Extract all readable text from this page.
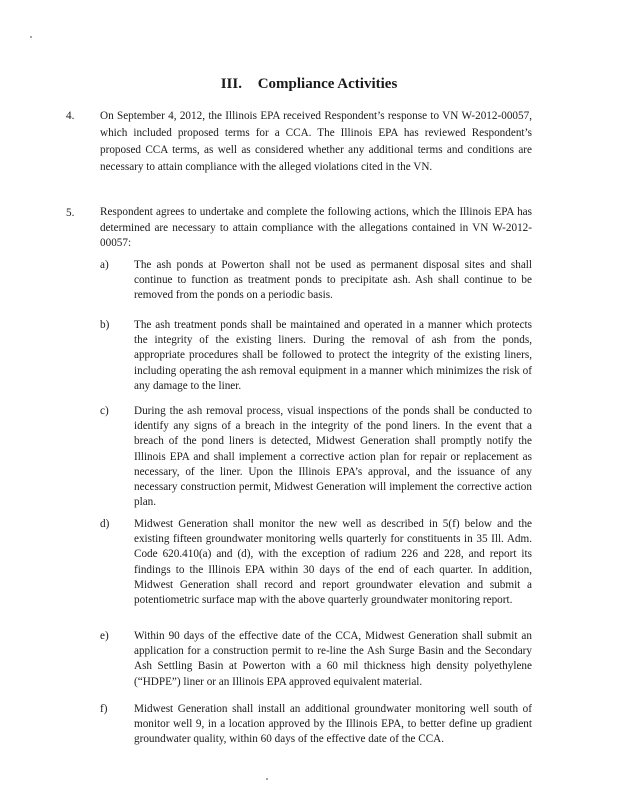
III. Compliance Activities
4. On September 4, 2012, the Illinois EPA received Respondent’s response to VN W-2012-00057, which included proposed terms for a CCA. The Illinois EPA has reviewed Respondent’s proposed CCA terms, as well as considered whether any additional terms and conditions are necessary to attain compliance with the alleged violations cited in the VN.
5. Respondent agrees to undertake and complete the following actions, which the Illinois EPA has determined are necessary to attain compliance with the allegations contained in VN W-2012-00057:
a) The ash ponds at Powerton shall not be used as permanent disposal sites and shall continue to function as treatment ponds to precipitate ash. Ash shall continue to be removed from the ponds on a periodic basis.
b) The ash treatment ponds shall be maintained and operated in a manner which protects the integrity of the existing liners. During the removal of ash from the ponds, appropriate procedures shall be followed to protect the integrity of the existing liners, including operating the ash removal equipment in a manner which minimizes the risk of any damage to the liner.
c) During the ash removal process, visual inspections of the ponds shall be conducted to identify any signs of a breach in the integrity of the pond liners. In the event that a breach of the pond liners is detected, Midwest Generation shall promptly notify the Illinois EPA and shall implement a corrective action plan for repair or replacement as necessary, of the liner. Upon the Illinois EPA’s approval, and the issuance of any necessary construction permit, Midwest Generation will implement the corrective action plan.
d) Midwest Generation shall monitor the new well as described in 5(f) below and the existing fifteen groundwater monitoring wells quarterly for constituents in 35 Ill. Adm. Code 620.410(a) and (d), with the exception of radium 226 and 228, and report its findings to the Illinois EPA within 30 days of the end of each quarter. In addition, Midwest Generation shall record and report groundwater elevation and submit a potentiometric surface map with the above quarterly groundwater monitoring report.
e) Within 90 days of the effective date of the CCA, Midwest Generation shall submit an application for a construction permit to re-line the Ash Surge Basin and the Secondary Ash Settling Basin at Powerton with a 60 mil thickness high density polyethylene (“HDPE”) liner or an Illinois EPA approved equivalent material.
f) Midwest Generation shall install an additional groundwater monitoring well south of monitor well 9, in a location approved by the Illinois EPA, to better define up gradient groundwater quality, within 60 days of the effective date of the CCA.
